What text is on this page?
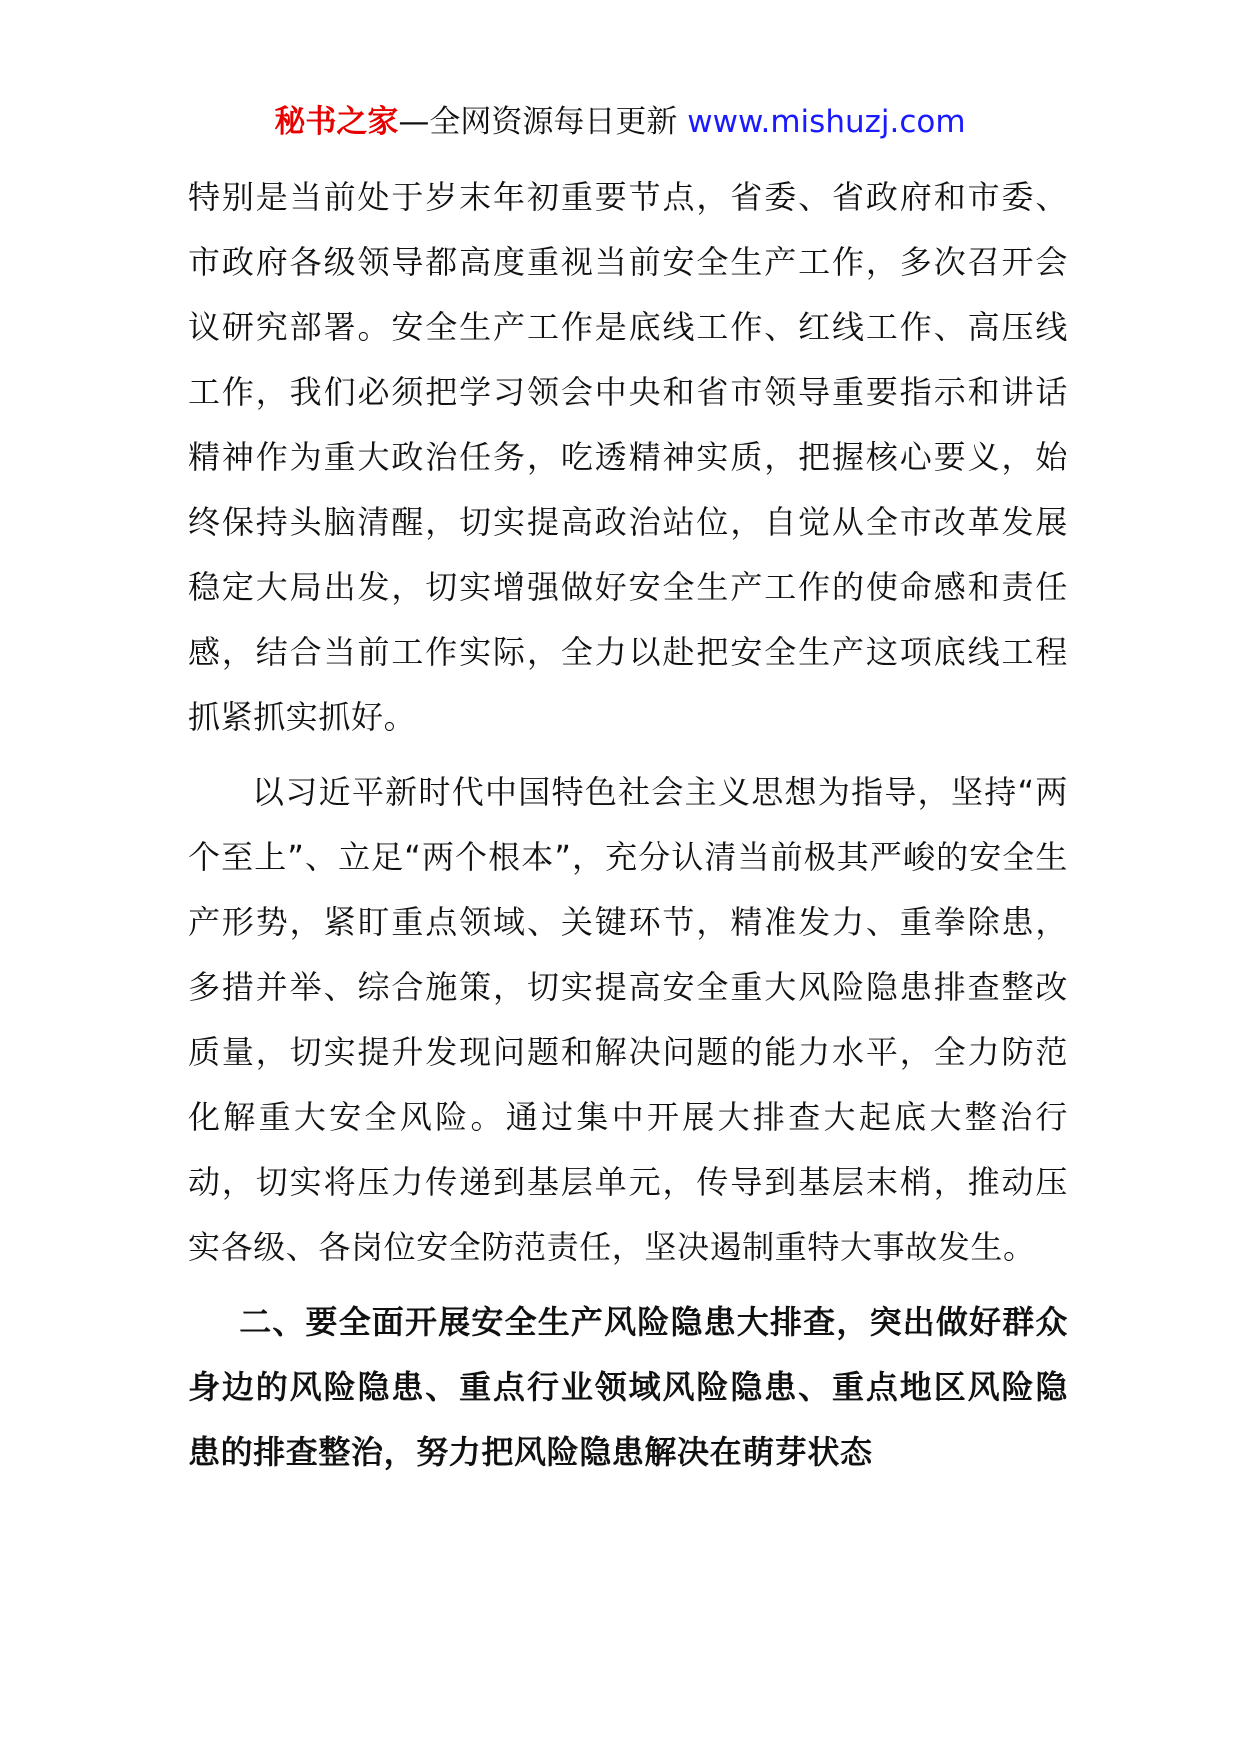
秘书之家—全网资源每日更新 www.mishuzj.com

特别是当前处于岁末年初重要节点，省委、省政府和市委、市政府各级领导都高度重视当前安全生产工作，多次召开会议研究部署。安全生产工作是底线工作、红线工作、高压线工作，我们必须把学习领会中央和省市领导重要指示和讲话精神作为重大政治任务，吃透精神实质，把握核心要义，始终保持头脑清醒，切实提高政治站位，自觉从全市改革发展稳定大局出发，切实增强做好安全生产工作的使命感和责任感，结合当前工作实际，全力以赴把安全生产这项底线工程抓紧抓实抓好。

以习近平新时代中国特色社会主义思想为指导，坚持“两个至上”、立足“两个根本”，充分认清当前极其严峻的安全生产形势，紧盯重点领域、关键环节，精准发力、重拳除患，多措并举、综合施策，切实提高安全重大风险隐患排查整改质量，切实提升发现问题和解决问题的能力水平，全力防范化解重大安全风险。通过集中开展大排查大起底大整治行动，切实将压力传递到基层单元，传导到基层末梢，推动压实各级、各岗位安全防范责任，坚决遏制重特大事故发生。

二、要全面开展安全生产风险隐患大排查，突出做好群众身边的风险隐患、重点行业领域风险隐患、重点地区风险隐患的排查整治，努力把风险隐患解决在萌芽状态
